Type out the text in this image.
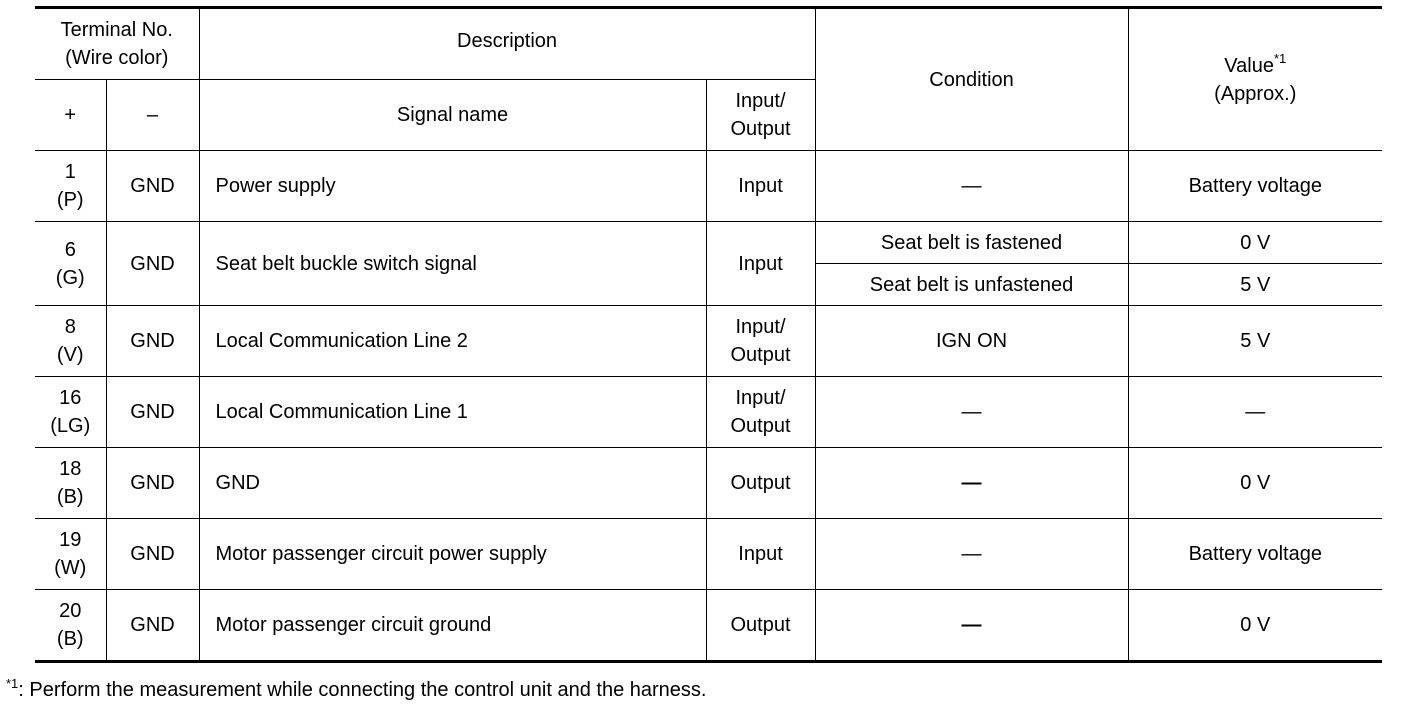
Terminal No.
(Wire color)		Description		Condition	Value$^{*1}$
(Approx.)

+	–	Signal name	Input/
Output		

1
(P)	GND	Power supply	Input	—	Battery voltage

6
(G)	GND	Seat belt buckle switch signal	Input	Seat belt is fastened	0 V
				Seat belt is unfastened	5 V

8
(V)	GND	Local Communication Line 2	Input/
Output	IGN ON	5 V

16
(LG)	GND	Local Communication Line 1	Input/
Output	—	—

18
(B)	GND	GND	Output	—	0 V

19
(W)	GND	Motor passenger circuit power supply	Input	—	Battery voltage

20
(B)	GND	Motor passenger circuit ground	Output	—	0 V
$^{*1}$: Perform the measurement while connecting the control unit and the harness.
